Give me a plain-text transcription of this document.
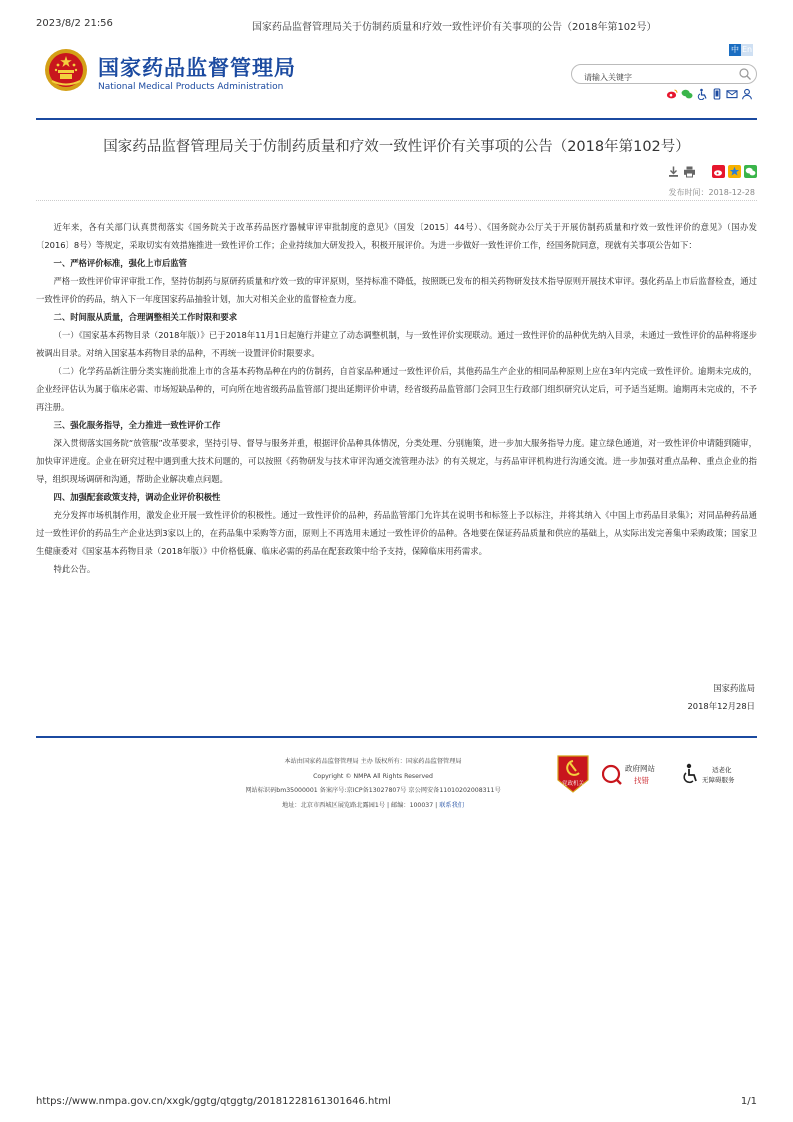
2023/8/2 21:56	国家药品监督管理局关于仿制药质量和疗效一致性评价有关事项的公告（2018年第102号）
国家药品监督管理局
National Medical Products Administration
中 En
请输入关键字
国家药品监督管理局关于仿制药质量和疗效一致性评价有关事项的公告（2018年第102号）
发布时间：2018-12-28

近年来，各有关部门认真贯彻落实《国务院关于改革药品医疗器械审评审批制度的意见》（国发〔2015〕44号）、《国务院办公厅关于开展仿制药质量和疗效一致性评价的意见》（国办发〔2016〕8号）等规定，采取切实有效措施推进一致性评价工作；企业持续加大研发投入，积极开展评价。为进一步做好一致性评价工作，经国务院同意，现就有关事项公告如下：

一、严格评价标准，强化上市后监管

严格一致性评价审评审批工作，坚持仿制药与原研药质量和疗效一致的审评原则，坚持标准不降低，按照既已发布的相关药物研发技术指导原则开展技术审评。强化药品上市后监督检查，通过一致性评价的药品，纳入下一年度国家药品抽验计划，加大对相关企业的监督检查力度。

二、时间服从质量，合理调整相关工作时限和要求

（一）《国家基本药物目录（2018年版）》已于2018年11月1日起施行并建立了动态调整机制，与一致性评价实现联动。通过一致性评价的品种优先纳入目录，未通过一致性评价的品种将逐步被调出目录。对纳入国家基本药物目录的品种，不再统一设置评价时限要求。

（二）化学药品新注册分类实施前批准上市的含基本药物品种在内的仿制药，自首家品种通过一致性评价后，其他药品生产企业的相同品种原则上应在3年内完成一致性评价。逾期未完成的，企业经评估认为属于临床必需、市场短缺品种的，可向所在地省级药品监管部门提出延期评价申请，经省级药品监管部门会同卫生行政部门组织研究认定后，可予适当延期。逾期再未完成的，不予再注册。

三、强化服务指导，全力推进一致性评价工作

深入贯彻落实国务院“放管服”改革要求，坚持引导、督导与服务并重，根据评价品种具体情况，分类处理、分别施策，进一步加大服务指导力度。建立绿色通道，对一致性评价申请随到随审，加快审评进度。企业在研究过程中遇到重大技术问题的，可以按照《药物研发与技术审评沟通交流管理办法》的有关规定，与药品审评机构进行沟通交流。进一步加强对重点品种、重点企业的指导，组织现场调研和沟通，帮助企业解决难点问题。

四、加强配套政策支持，调动企业评价积极性

充分发挥市场机制作用，激发企业开展一致性评价的积极性。通过一致性评价的品种，药品监管部门允许其在说明书和标签上予以标注，并将其纳入《中国上市药品目录集》；对同品种药品通过一致性评价的药品生产企业达到3家以上的，在药品集中采购等方面，原则上不再选用未通过一致性评价的品种。各地要在保证药品质量和供应的基础上，从实际出发完善集中采购政策；国家卫生健康委对《国家基本药物目录（2018年版）》中价格低廉、临床必需的药品在配套政策中给予支持，保障临床用药需求。

特此公告。

国家药监局
2018年12月28日
本站由国家药品监督管理局 主办 版权所有：国家药品监督管理局
Copyright © NMPA All Rights Reserved
网站标识码bm35000001 备案序号:京ICP备13027807号 京公网安备11010202008311号
地址：北京市西城区展览路北露园1号 | 邮编：100037 | 联系我们
党政机关
政府网站
找错
适老化
无障碍服务
https://www.nmpa.gov.cn/xxgk/ggtg/qtggtg/20181228161301646.html	1/1
